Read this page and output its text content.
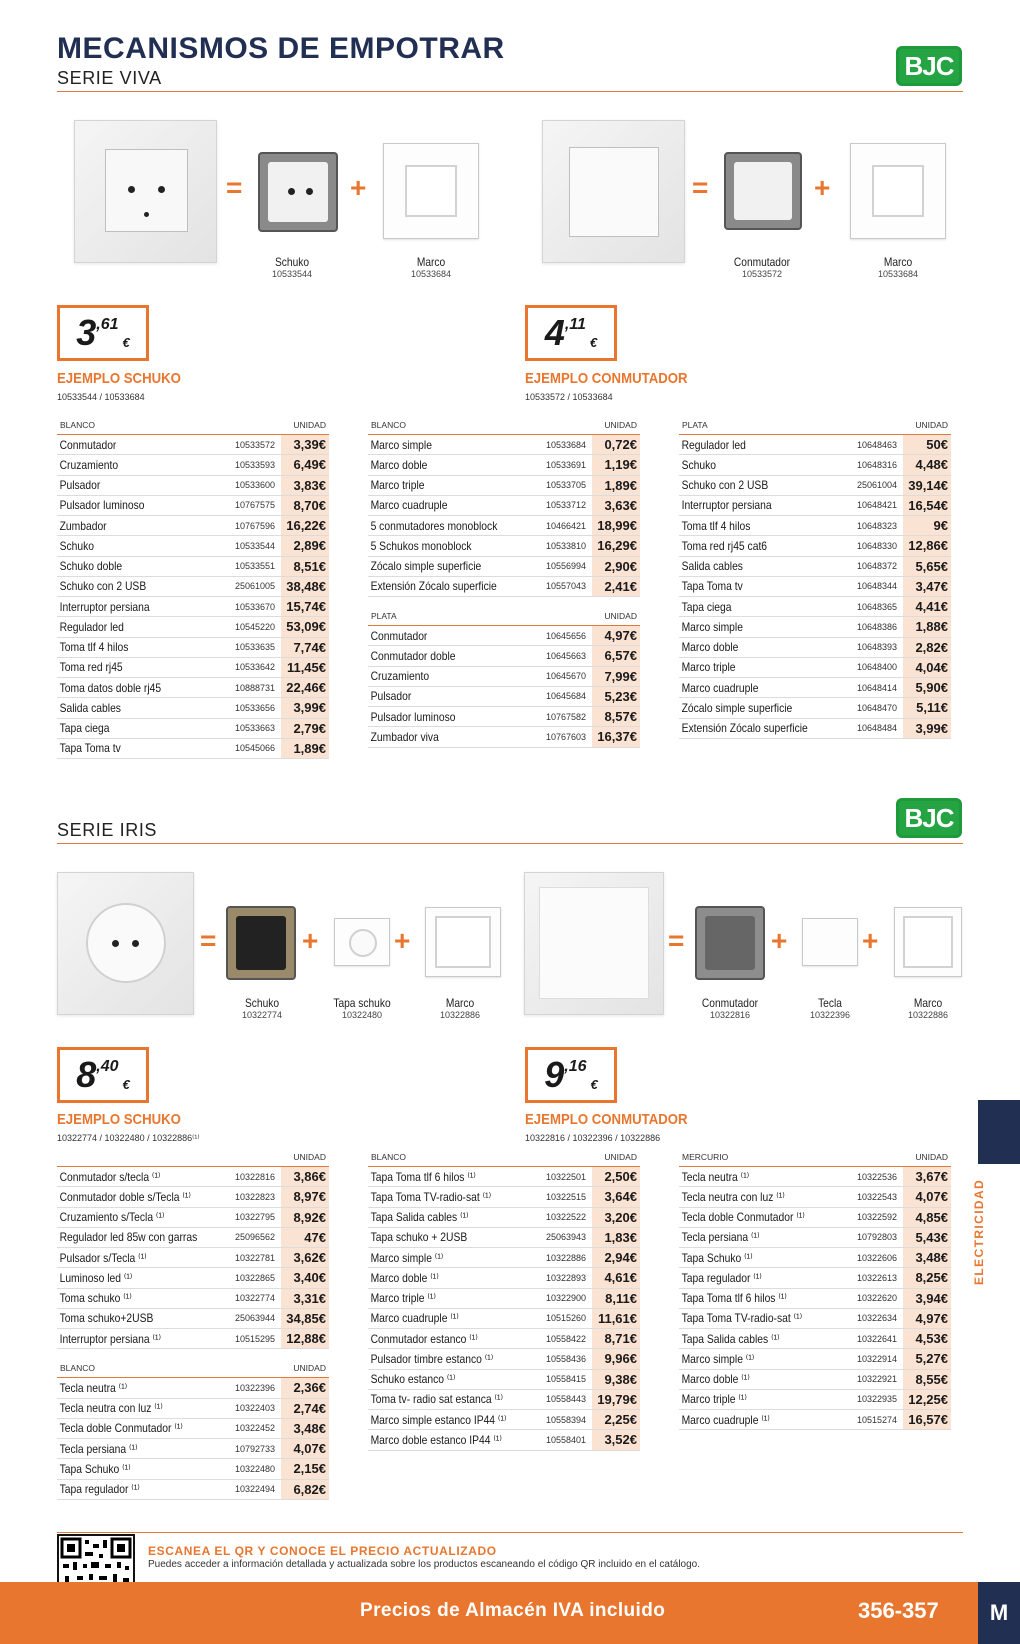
MECANISMOS DE EMPOTRAR
SERIE VIVA	BJC
=	+
Schuko
10533544
Marco
10533684
3 ,61
€
EJEMPLO SCHUKO
10533544 / 10533684
=	+
Conmutador
10533572
Marco
10533684
4 ,11
€
EJEMPLO CONMUTADOR
10533572 / 10533684
BLANCO	UNIDAD
Conmutador	10533572	3,39€
Cruzamiento	10533593	6,49€
Pulsador	10533600	3,83€
Pulsador luminoso	10767575	8,70€
Zumbador	10767596 16,22€
Schuko	10533544	2,89€
Schuko doble	10533551	8,51€
Schuko con 2 USB	25061005 38,48€
Interruptor persiana	10533670 15,74€
Regulador led	10545220 53,09€
Toma tlf 4 hilos	10533635	7,74€
Toma red rj45	10533642 11,45€
Toma datos doble rj45	10888731 22,46€
Salida cables	10533656	3,99€
Tapa ciega	10533663	2,79€
Tapa Toma tv	10545066	1,89€
BLANCO	UNIDAD
Marco simple	10533684	0,72€
Marco doble	10533691	1,19€
Marco triple	10533705	1,89€
Marco cuadruple	10533712	3,63€
5 conmutadores monoblock	10466421 18,99€
5 Schukos monoblock	10533810 16,29€
Zócalo simple superficie	10556994	2,90€
Extensión Zócalo superficie	10557043	2,41€
PLATA	UNIDAD
Conmutador	10645656	4,97€
Conmutador doble	10645663	6,57€
Cruzamiento	10645670	7,99€
Pulsador	10645684	5,23€
Pulsador luminoso	10767582	8,57€
Zumbador viva	10767603 16,37€
PLATA	UNIDAD
Regulador led	10648463	50€
Schuko	10648316	4,48€
Schuko con 2 USB	25061004 39,14€
Interruptor persiana	10648421 16,54€
Toma tlf 4 hilos	10648323	9€
Toma red rj45 cat6	10648330 12,86€
Salida cables	10648372	5,65€
Tapa Toma tv	10648344	3,47€
Tapa ciega	10648365	4,41€
Marco simple	10648386	1,88€
Marco doble	10648393	2,82€
Marco triple	10648400	4,04€
Marco cuadruple	10648414	5,90€
Zócalo simple superficie	10648470	5,11€
Extensión Zócalo superficie	10648484	3,99€
SERIE IRIS	BJC
=	+	+
Schuko
10322774
Tapa schuko
10322480
Marco
10322886
8 ,40
€
EJEMPLO SCHUKO
10322774 / 10322480 / 10322886⁽¹⁾
=	+	+
Conmutador
10322816
Tecla
10322396
Marco
10322886
9 ,16
€
EJEMPLO CONMUTADOR
10322816 / 10322396 / 10322886
UNIDAD
Conmutador s/tecla ⁽¹⁾	10322816	3,86€
Conmutador doble s/Tecla ⁽¹⁾	10322823	8,97€
Cruzamiento s/Tecla ⁽¹⁾	10322795	8,92€
Regulador led 85w con garras	25096562	47€
Pulsador s/Tecla ⁽¹⁾	10322781	3,62€
Luminoso led ⁽¹⁾	10322865	3,40€
Toma schuko ⁽¹⁾	10322774	3,31€
Toma schuko+2USB	25063944 34,85€
Interruptor persiana ⁽¹⁾	10515295 12,88€
BLANCO	UNIDAD
Tecla neutra ⁽¹⁾	10322396	2,36€
Tecla neutra con luz ⁽¹⁾	10322403	2,74€
Tecla doble Conmutador ⁽¹⁾	10322452	3,48€
Tecla persiana ⁽¹⁾	10792733	4,07€
Tapa Schuko ⁽¹⁾	10322480	2,15€
Tapa regulador ⁽¹⁾	10322494	6,82€
BLANCO	UNIDAD
Tapa Toma tlf 6 hilos ⁽¹⁾	10322501	2,50€
Tapa Toma TV-radio-sat ⁽¹⁾	10322515	3,64€
Tapa Salida cables ⁽¹⁾	10322522	3,20€
Tapa schuko + 2USB	25063943	1,83€
Marco simple ⁽¹⁾	10322886	2,94€
Marco doble ⁽¹⁾	10322893	4,61€
Marco triple ⁽¹⁾	10322900	8,11€
Marco cuadruple ⁽¹⁾	10515260 11,61€
Conmutador estanco ⁽¹⁾	10558422	8,71€
Pulsador timbre estanco ⁽¹⁾	10558436	9,96€
Schuko estanco ⁽¹⁾	10558415	9,38€
Toma tv- radio sat estanca ⁽¹⁾	10558443 19,79€
Marco simple estanco IP44 ⁽¹⁾	10558394	2,25€
Marco doble estanco IP44 ⁽¹⁾	10558401	3,52€
MERCURIO	UNIDAD
Tecla neutra ⁽¹⁾	10322536	3,67€
Tecla neutra con luz ⁽¹⁾	10322543	4,07€
Tecla doble Conmutador ⁽¹⁾	10322592	4,85€
Tecla persiana ⁽¹⁾	10792803	5,43€
Tapa Schuko ⁽¹⁾	10322606	3,48€
Tapa regulador ⁽¹⁾	10322613	8,25€
Tapa Toma tlf 6 hilos ⁽¹⁾	10322620	3,94€
Tapa Toma TV-radio-sat ⁽¹⁾	10322634	4,97€
Tapa Salida cables ⁽¹⁾	10322641	4,53€
Marco simple ⁽¹⁾	10322914	5,27€
Marco doble ⁽¹⁾	10322921	8,55€
Marco triple ⁽¹⁾	10322935 12,25€
Marco cuadruple ⁽¹⁾	10515274 16,57€
ELECTRICIDAD
ESCANEA EL QR Y CONOCE EL PRECIO ACTUALIZADO
Puedes acceder a información detallada y actualizada sobre los productos escaneando el código QR incluido en el catálogo.
Precios de Almacén IVA incluido	356-357	M
